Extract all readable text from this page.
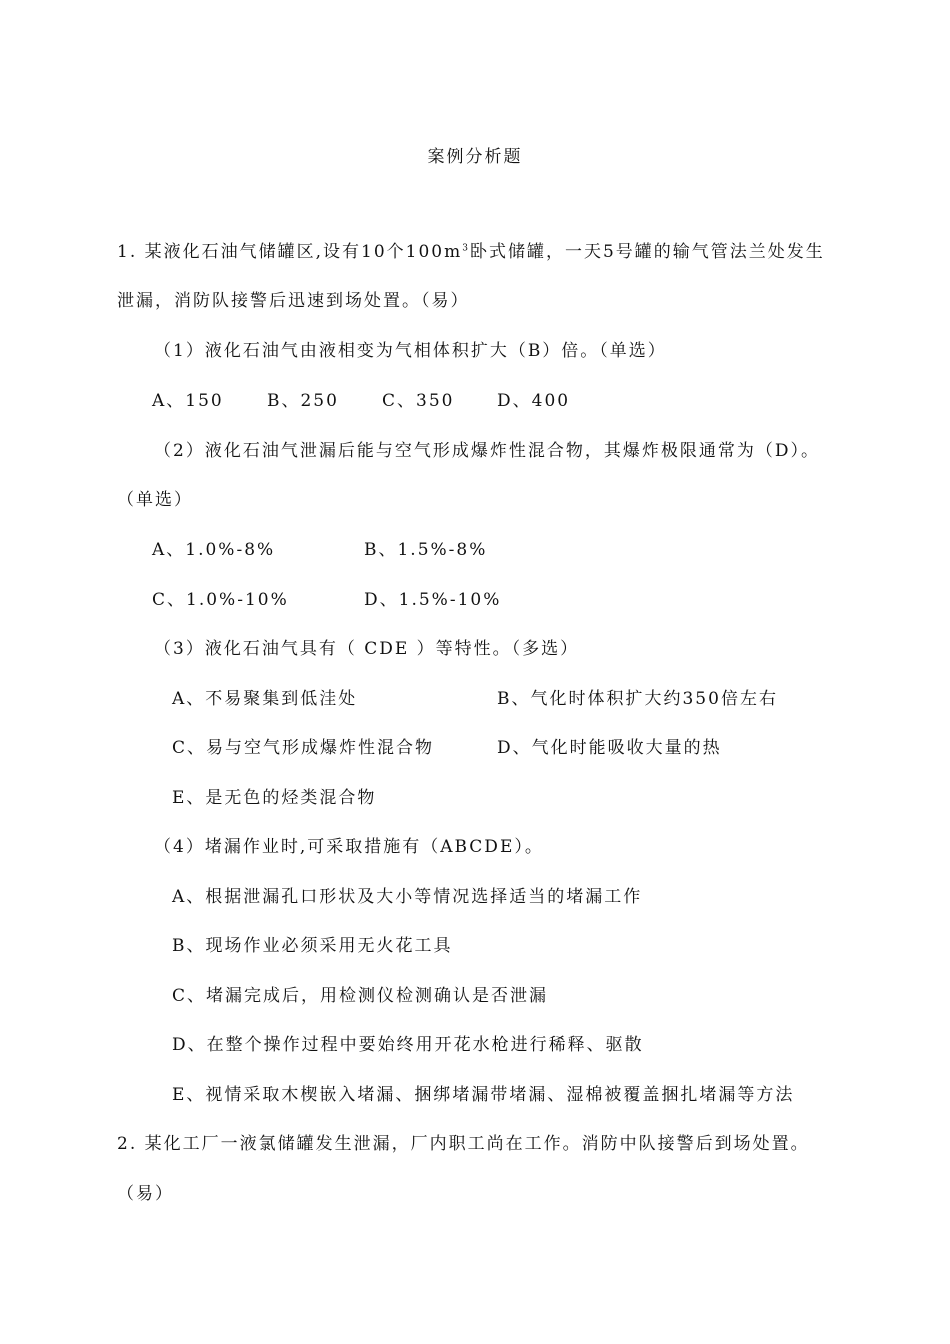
案例分析题
1. 某液化石油气储罐区,设有10个$100m^3$卧式储罐，一天5号罐的输气管法兰处发生
泄漏，消防队接警后迅速到场处置。（易）
（1）液化石油气由液相变为气相体积扩大（B）倍。（单选）
A、150	B、250	C、350	D、400
（2）液化石油气泄漏后能与空气形成爆炸性混合物，其爆炸极限通常为（D）。
（单选）
A、1.0%-8%	B、1.5%-8%
C、1.0%-10%	D、1.5%-10%
（3）液化石油气具有（ CDE ）等特性。（多选）
A、不易聚集到低洼处	B、气化时体积扩大约350倍左右
C、易与空气形成爆炸性混合物	D、气化时能吸收大量的热
E、是无色的烃类混合物
（4）堵漏作业时,可采取措施有（ABCDE）。
A、根据泄漏孔口形状及大小等情况选择适当的堵漏工作
B、现场作业必须采用无火花工具
C、堵漏完成后，用检测仪检测确认是否泄漏
D、在整个操作过程中要始终用开花水枪进行稀释、驱散
E、视情采取木楔嵌入堵漏、捆绑堵漏带堵漏、湿棉被覆盖捆扎堵漏等方法
2. 某化工厂一液氯储罐发生泄漏，厂内职工尚在工作。消防中队接警后到场处置。
（易）
